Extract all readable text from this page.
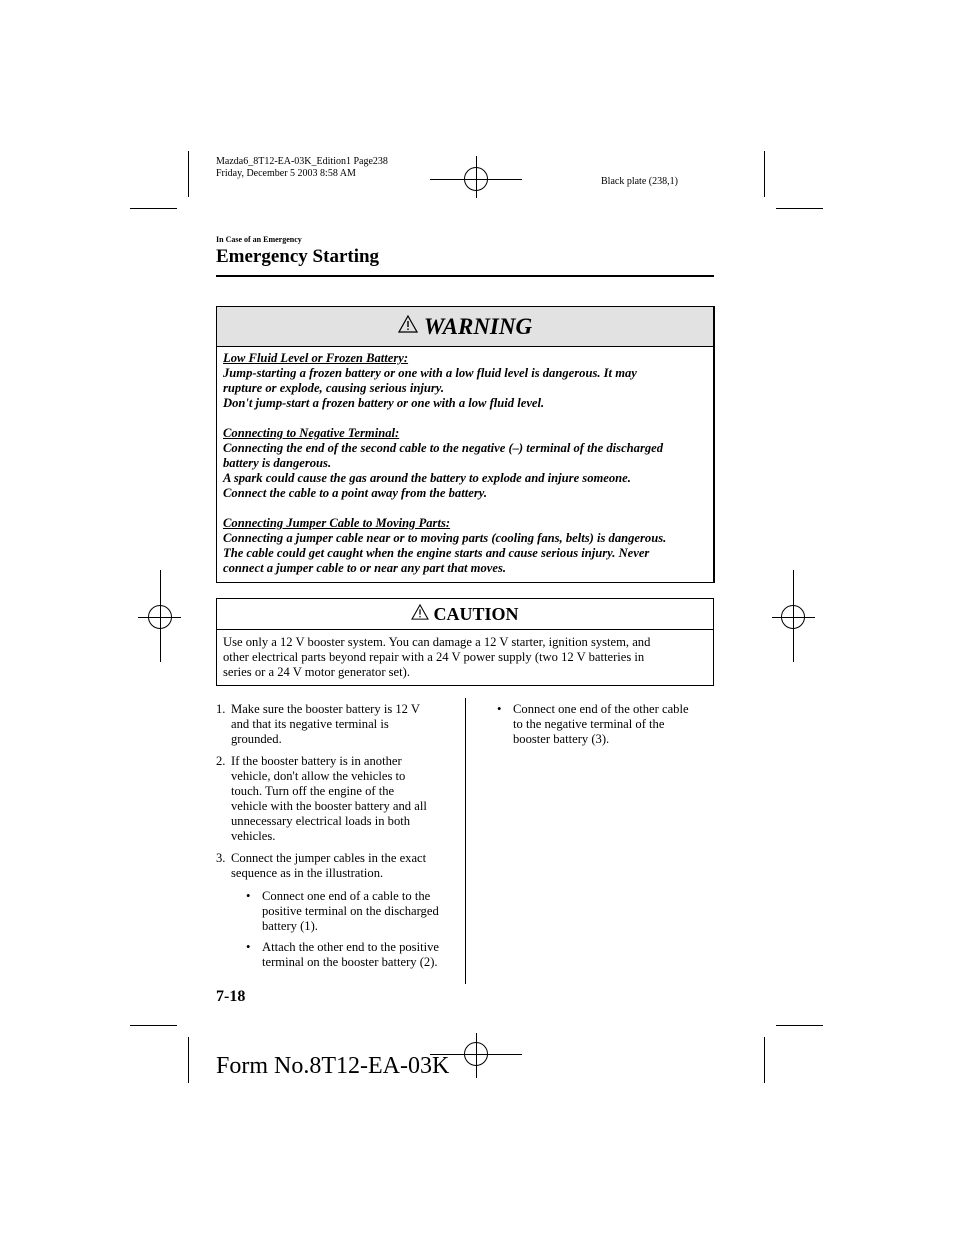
Mazda6_8T12-EA-03K_Edition1 Page238
Friday, December 5 2003 8:58 AM
Black plate (238,1)
In Case of an Emergency
Emergency Starting
WARNING
Low Fluid Level or Frozen Battery:
Jump-starting a frozen battery or one with a low fluid level is dangerous. It may
rupture or explode, causing serious injury.
Don't jump-start a frozen battery or one with a low fluid level.
Connecting to Negative Terminal:
Connecting the end of the second cable to the negative (–) terminal of the discharged
battery is dangerous.
A spark could cause the gas around the battery to explode and injure someone.
Connect the cable to a point away from the battery.
Connecting Jumper Cable to Moving Parts:
Connecting a jumper cable near or to moving parts (cooling fans, belts) is dangerous.
The cable could get caught when the engine starts and cause serious injury. Never
connect a jumper cable to or near any part that moves.
CAUTION
Use only a 12 V booster system. You can damage a 12 V starter, ignition system, and
other electrical parts beyond repair with a 24 V power supply (two 12 V batteries in
series or a 24 V motor generator set).
1. Make sure the booster battery is 12 V
and that its negative terminal is
grounded.
2. If the booster battery is in another
vehicle, don't allow the vehicles to
touch. Turn off the engine of the
vehicle with the booster battery and all
unnecessary electrical loads in both
vehicles.
3. Connect the jumper cables in the exact
sequence as in the illustration.
• Connect one end of a cable to the
positive terminal on the discharged
battery (1).
• Attach the other end to the positive
terminal on the booster battery (2).
• Connect one end of the other cable
to the negative terminal of the
booster battery (3).
7-18
Form No.8T12-EA-03K
